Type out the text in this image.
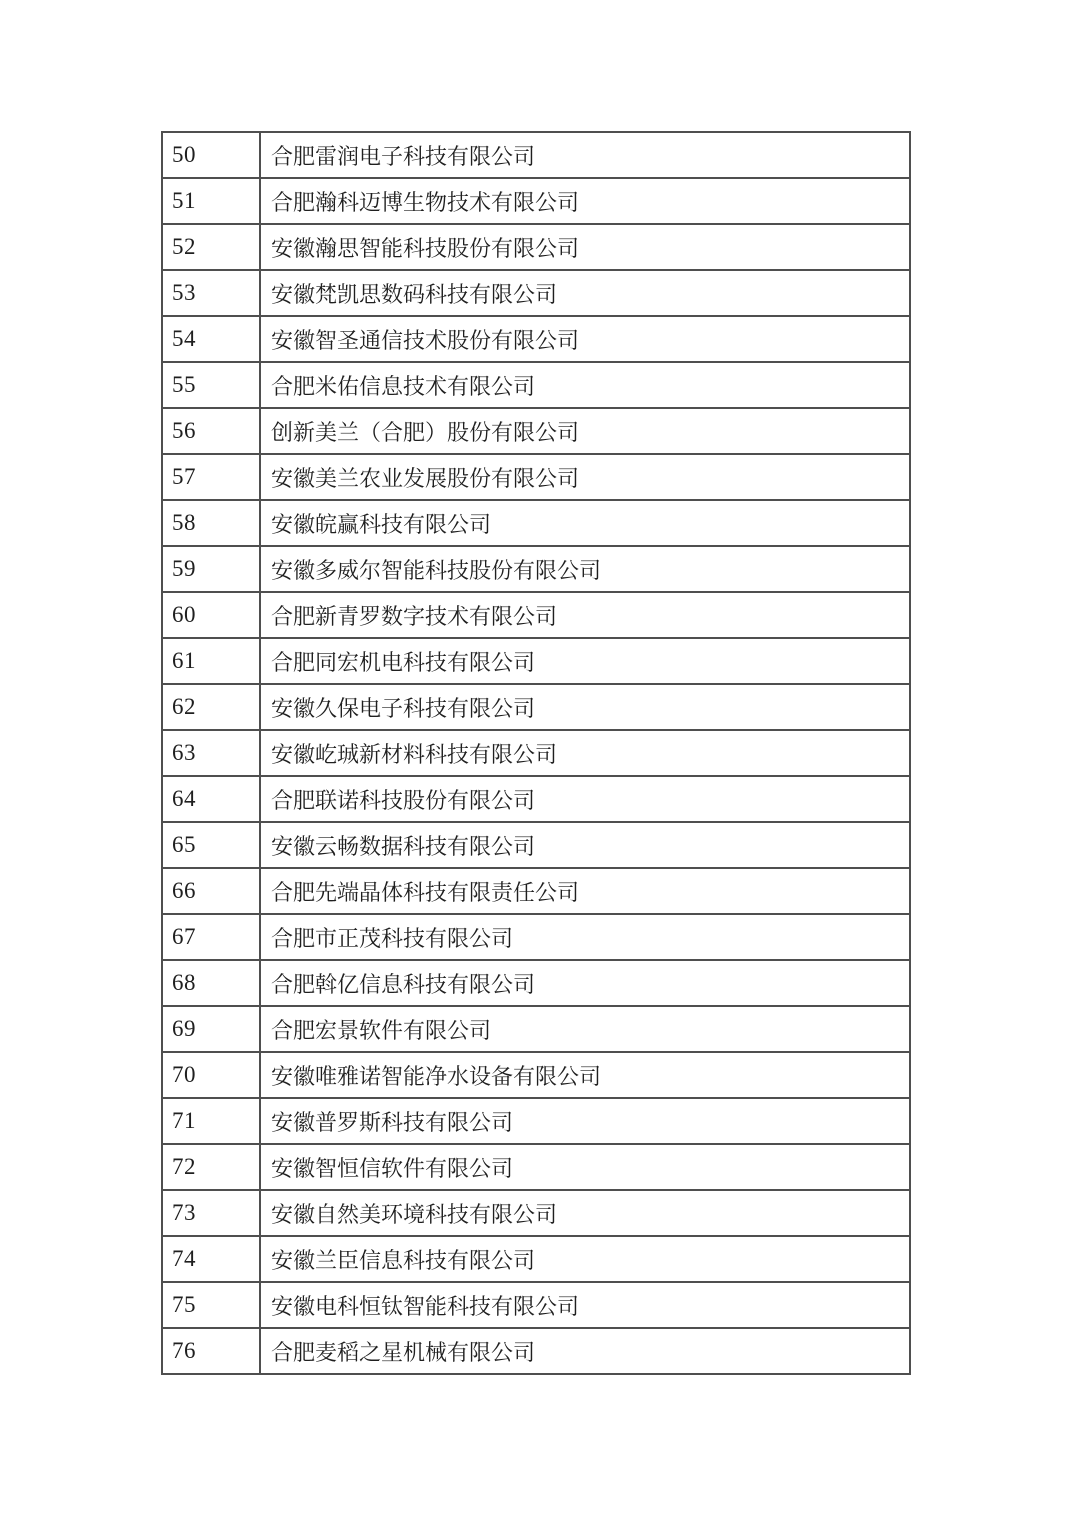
50	合肥雷润电子科技有限公司
51	合肥瀚科迈博生物技术有限公司
52	安徽瀚思智能科技股份有限公司
53	安徽梵凯思数码科技有限公司
54	安徽智圣通信技术股份有限公司
55	合肥米佑信息技术有限公司
56	创新美兰（合肥）股份有限公司
57	安徽美兰农业发展股份有限公司
58	安徽皖赢科技有限公司
59	安徽多威尔智能科技股份有限公司
60	合肥新青罗数字技术有限公司
61	合肥同宏机电科技有限公司
62	安徽久保电子科技有限公司
63	安徽屹珹新材料科技有限公司
64	合肥联诺科技股份有限公司
65	安徽云畅数据科技有限公司
66	合肥先端晶体科技有限责任公司
67	合肥市正茂科技有限公司
68	合肥斡亿信息科技有限公司
69	合肥宏景软件有限公司
70	安徽唯雅诺智能净水设备有限公司
71	安徽普罗斯科技有限公司
72	安徽智恒信软件有限公司
73	安徽自然美环境科技有限公司
74	安徽兰臣信息科技有限公司
75	安徽电科恒钛智能科技有限公司
76	合肥麦稻之星机械有限公司
